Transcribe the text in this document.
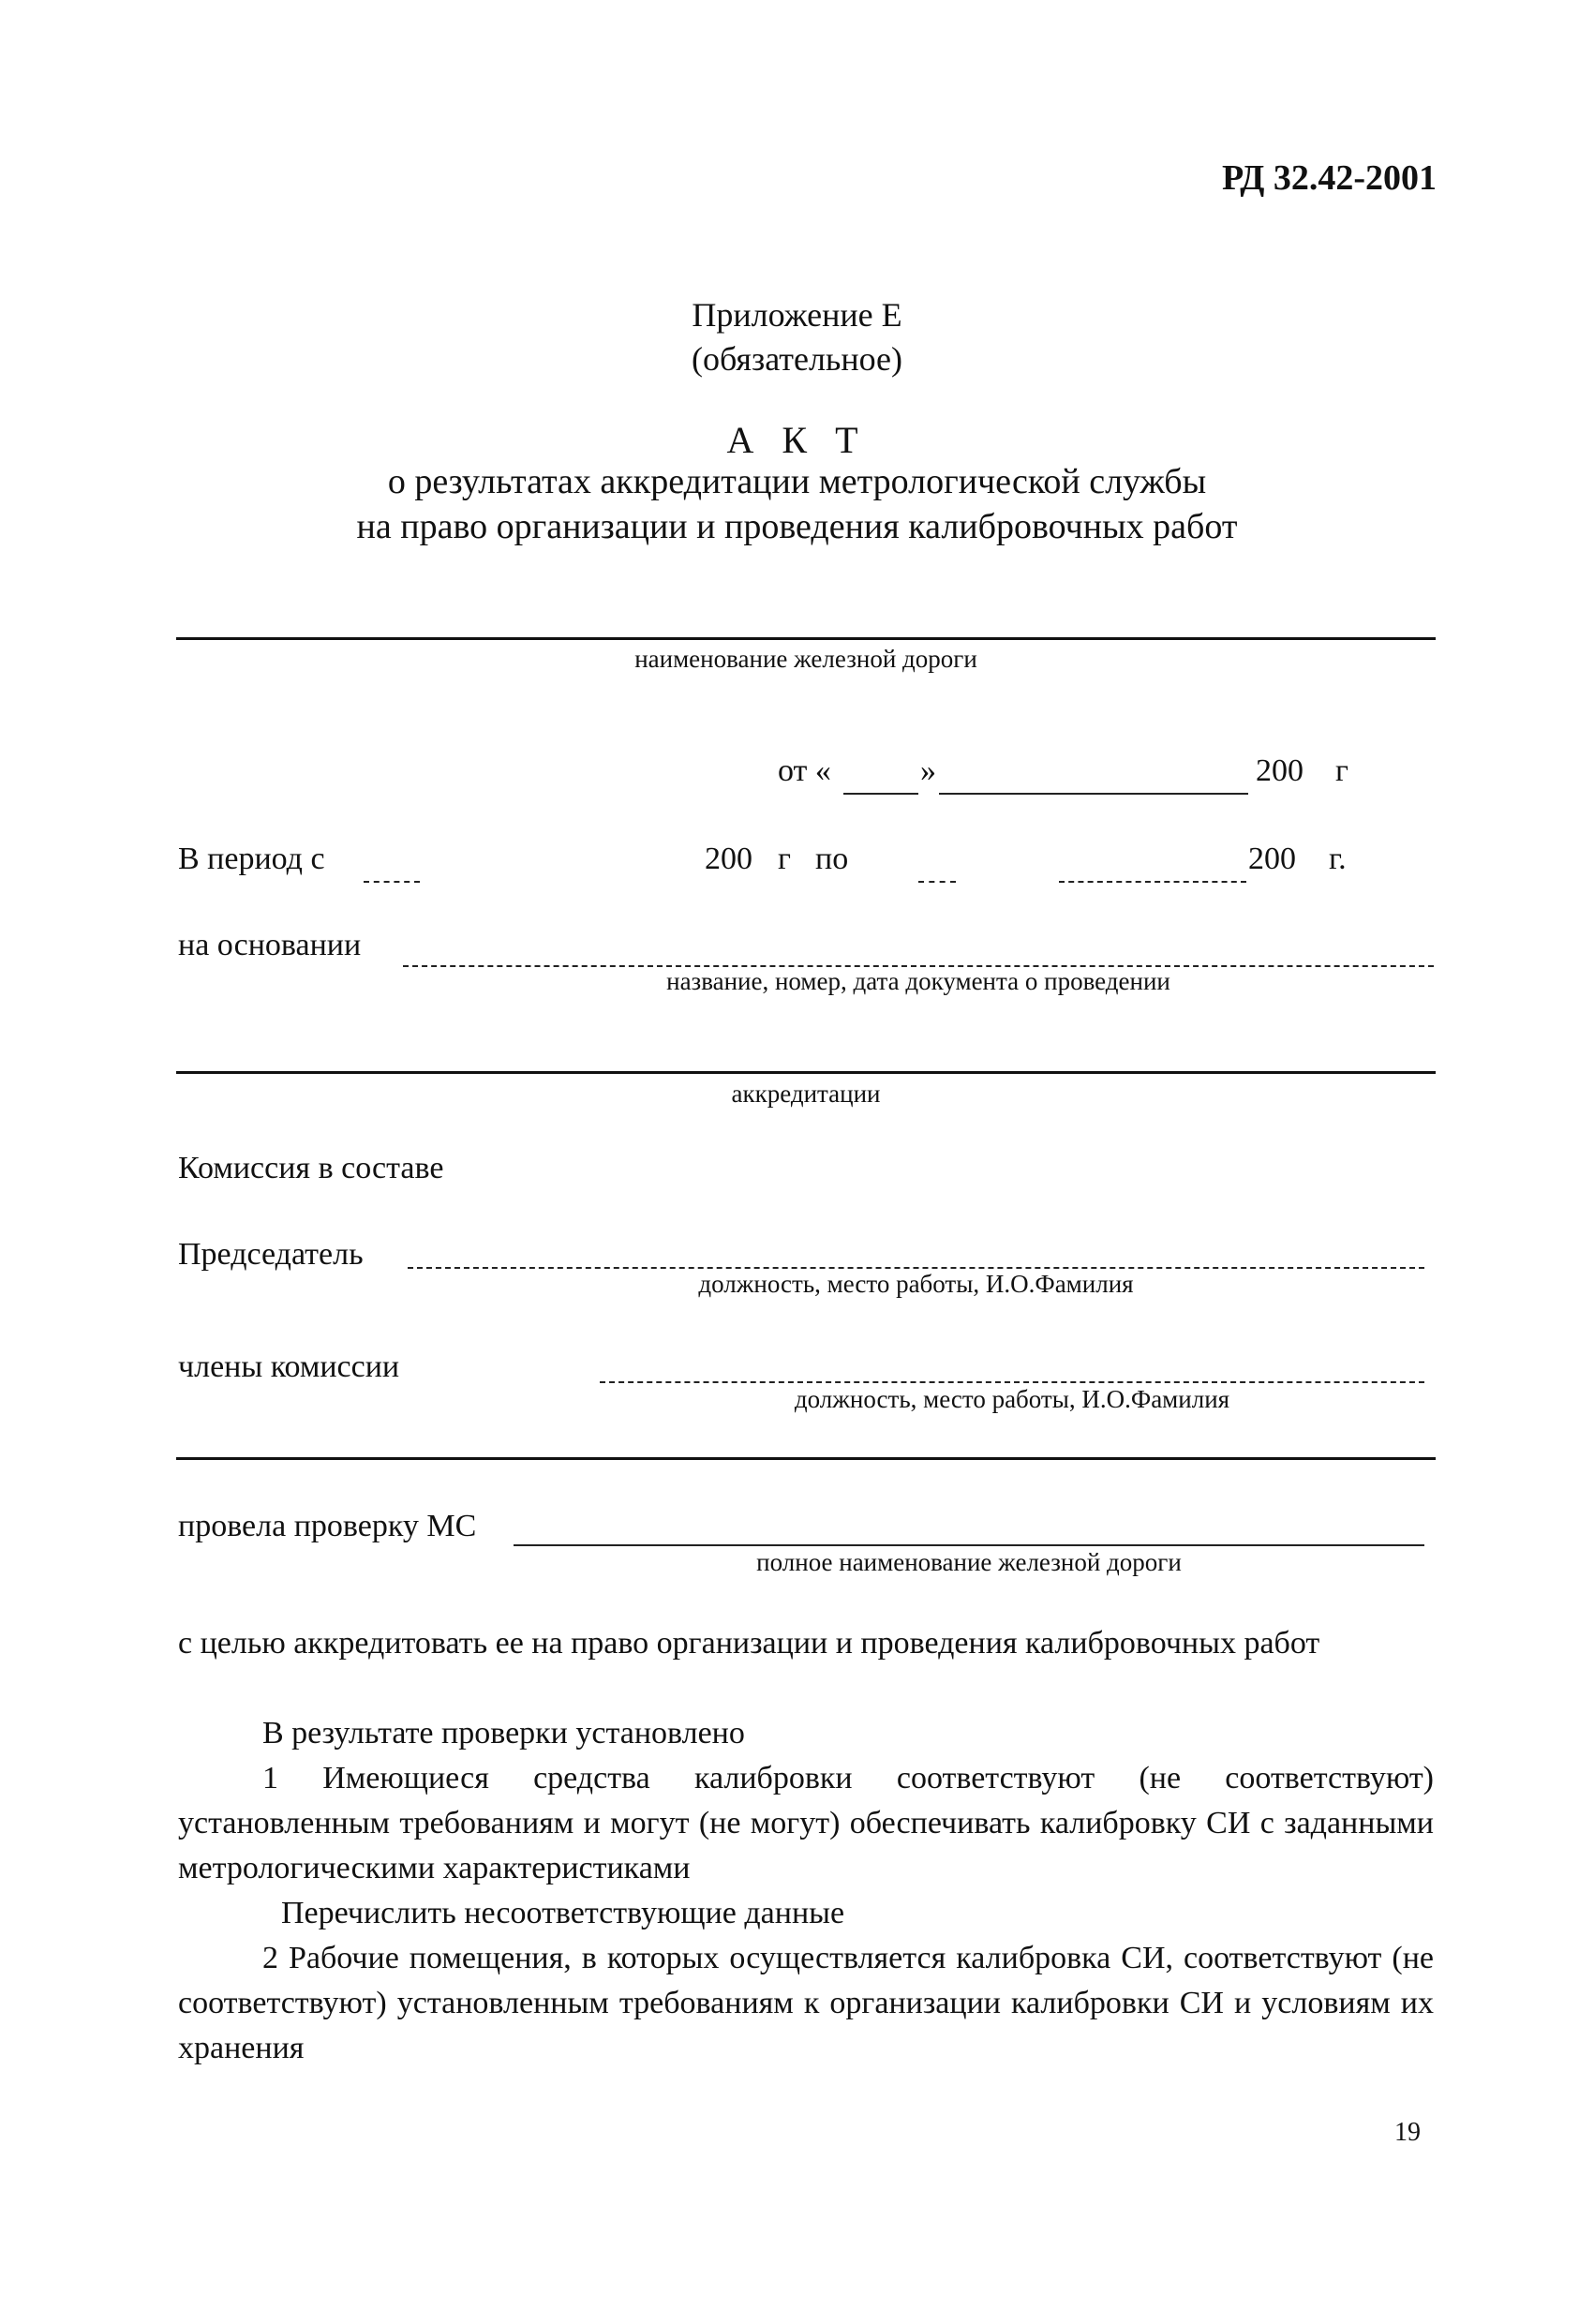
РД 32.42-2001
Приложение Е
(обязательное)
А К Т
о результатах аккредитации метрологической службы
на право организации и проведения калибровочных работ
наименование железной дороги
от «	»	200 г
В период с	200 г по	200 г.
на основании
название, номер, дата документа о проведении
аккредитации
Комиссия в составе
Председатель
должность, место работы, И.О.Фамилия
члены комиссии
должность, место работы, И.О.Фамилия
провела проверку МС
полное наименование железной дороги
с целью аккредитовать ее на право организации и проведения калибровочных работ
В результате проверки установлено
1 Имеющиеся средства калибровки соответствуют (не соответствуют) установленным требованиям и могут (не могут) обеспечивать калибровку СИ с заданными метрологическими характеристиками
Перечислить несоответствующие данные
2 Рабочие помещения, в которых осуществляется калибровка СИ, соответствуют (не соответствуют) установленным требованиям к организации калибровки СИ и условиям их хранения
19
